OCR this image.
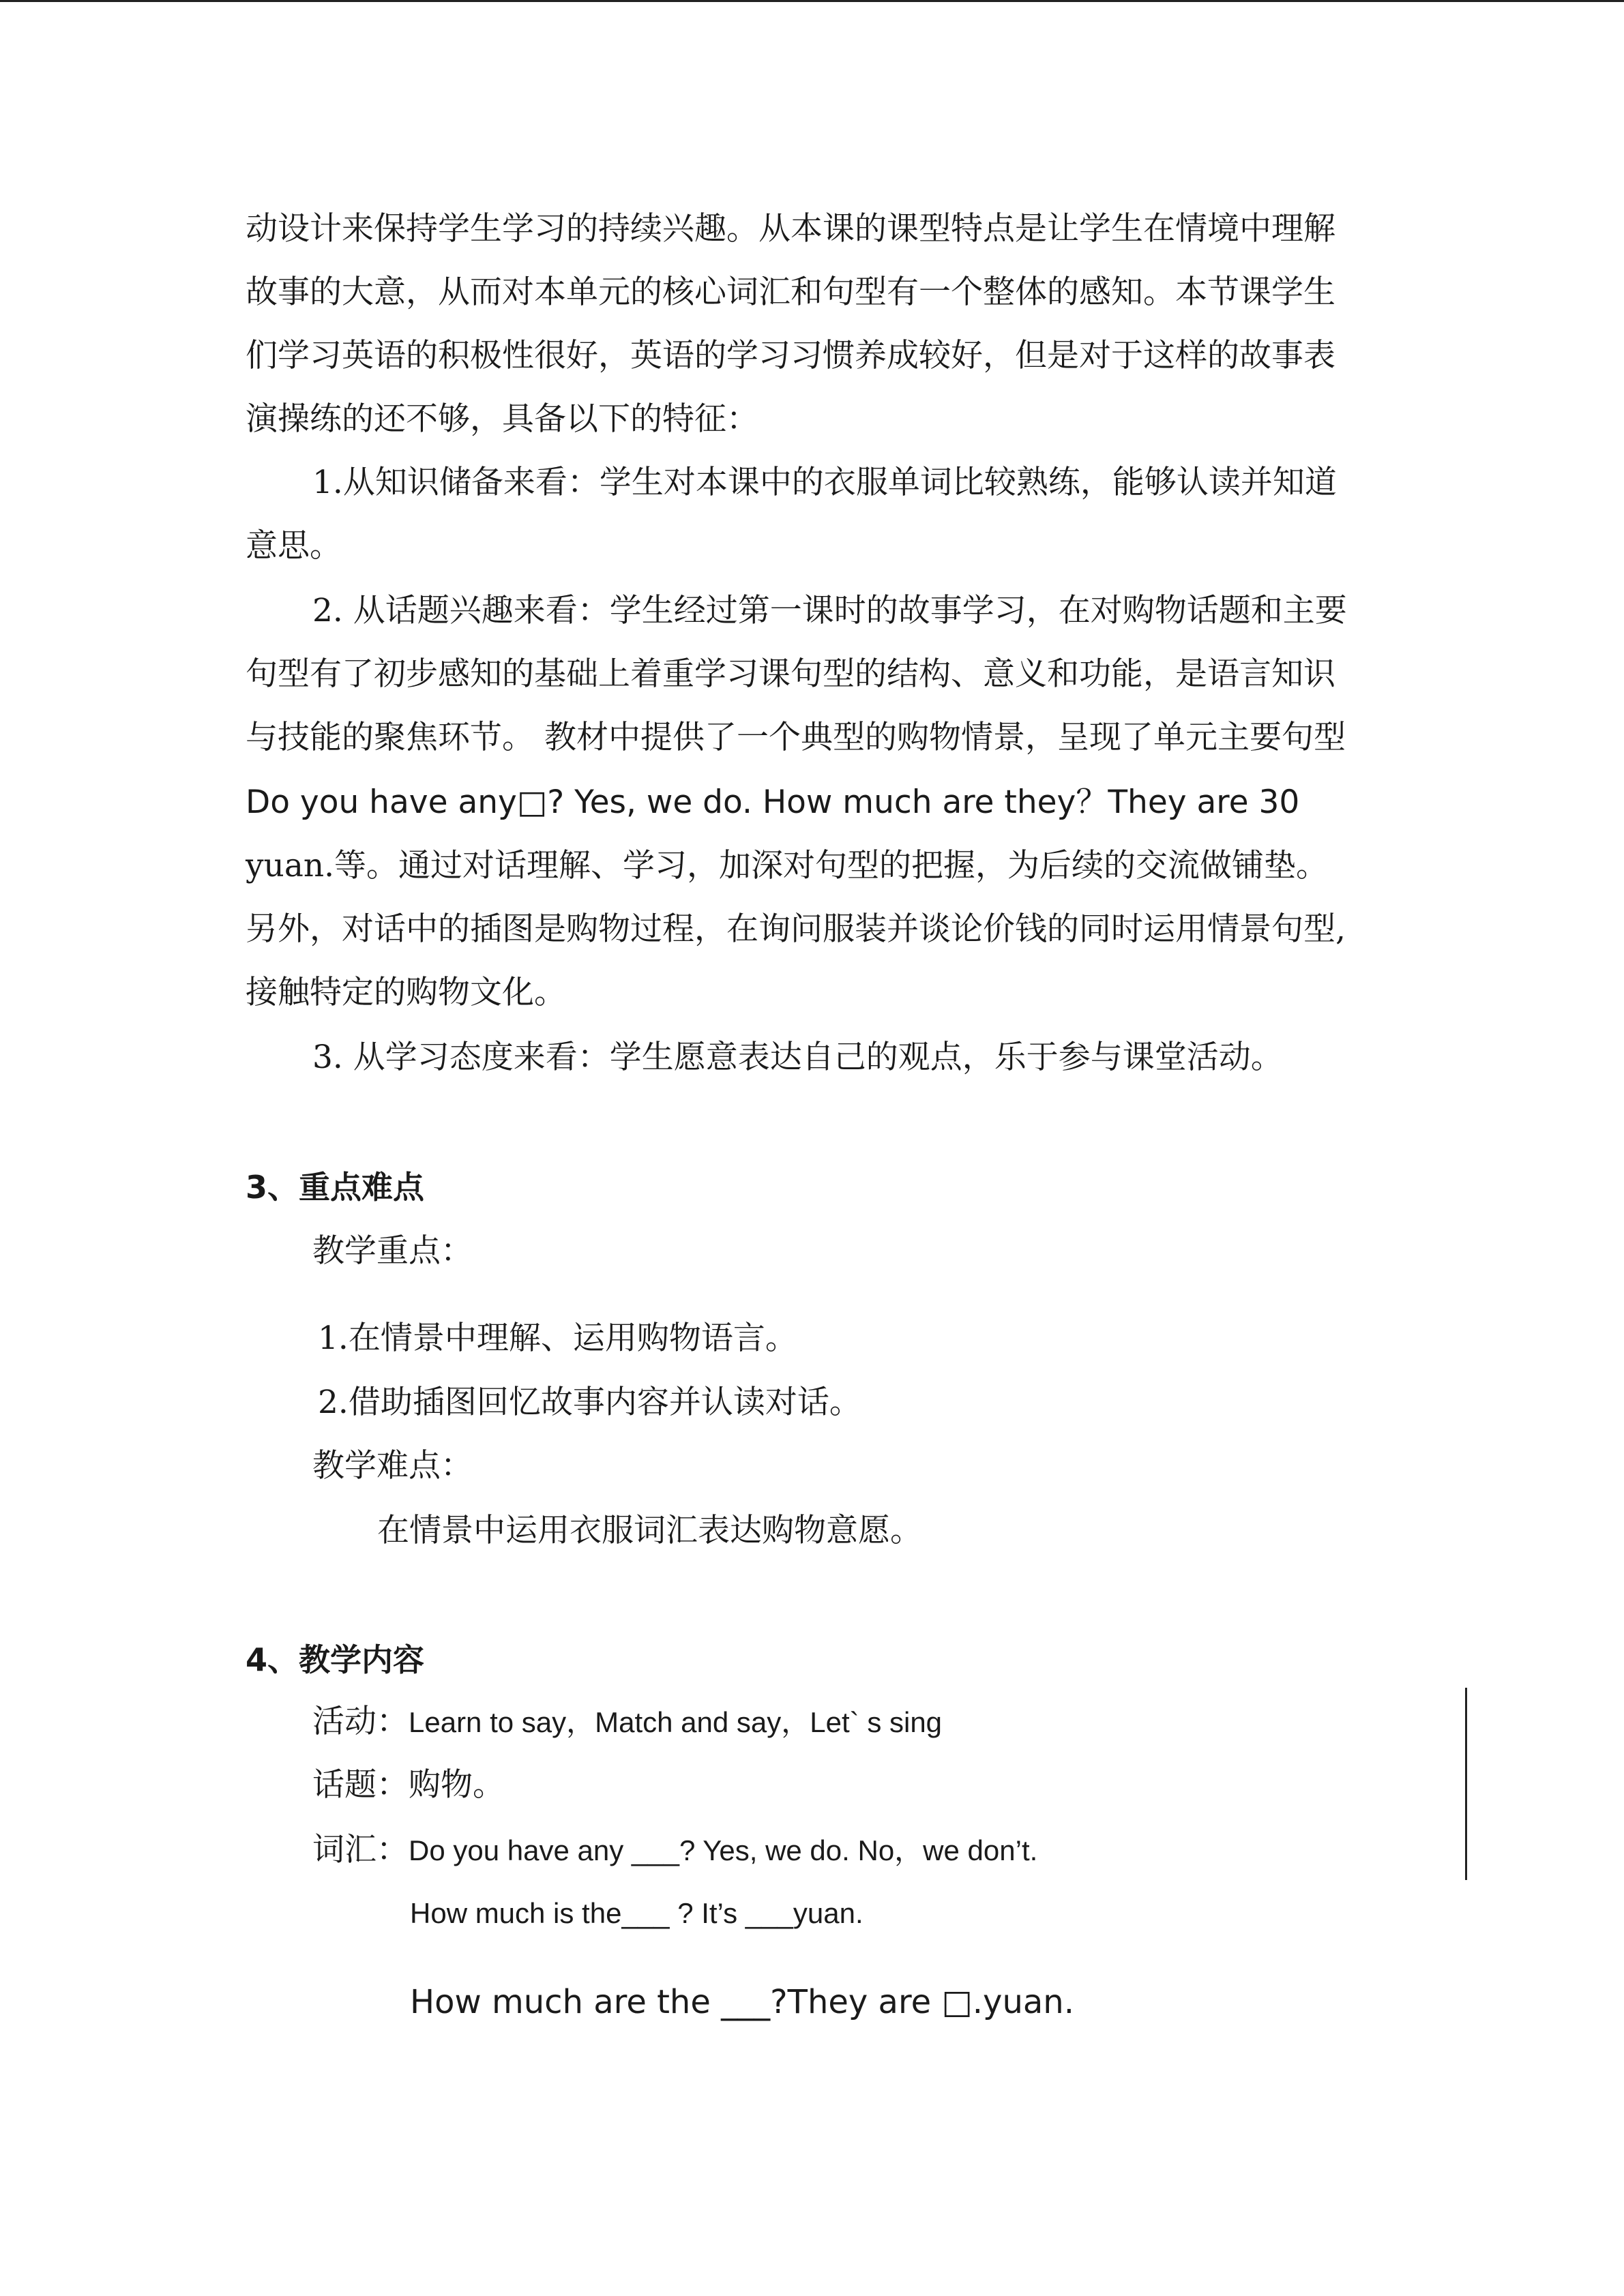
动设计来保持学生学习的持续兴趣。从本课的课型特点是让学生在情境中理解
故事的大意，从而对本单元的核心词汇和句型有一个整体的感知。本节课学生
们学习英语的积极性很好，英语的学习习惯养成较好，但是对于这样的故事表
演操练的还不够，具备以下的特征：
1.从知识储备来看：学生对本课中的衣服单词比较熟练，能够认读并知道
意思。
2. 从话题兴趣来看：学生经过第一课时的故事学习，在对购物话题和主要
句型有了初步感知的基础上着重学习课句型的结构、意义和功能，是语言知识
与技能的聚焦环节。 教材中提供了一个典型的购物情景，呈现了单元主要句型
Do you have any□? Yes, we do. How much are they？They are 30
yuan.等。通过对话理解、学习，加深对句型的把握，为后续的交流做铺垫。
另外，对话中的插图是购物过程，在询问服装并谈论价钱的同时运用情景句型,
接触特定的购物文化。
3. 从学习态度来看：学生愿意表达自己的观点，乐于参与课堂活动。
3、重点难点
教学重点：
1.在情景中理解、运用购物语言。
2.借助插图回忆故事内容并认读对话。
教学难点：
在情景中运用衣服词汇表达购物意愿。
4、教学内容
活动：Learn to say，Match and say，Let` s sing
话题：购物。
词汇：Do you have any ___? Yes, we do. No，we don’t.
How much is the___ ? It’s ___yuan.
How much are the ___?They are □.yuan.
